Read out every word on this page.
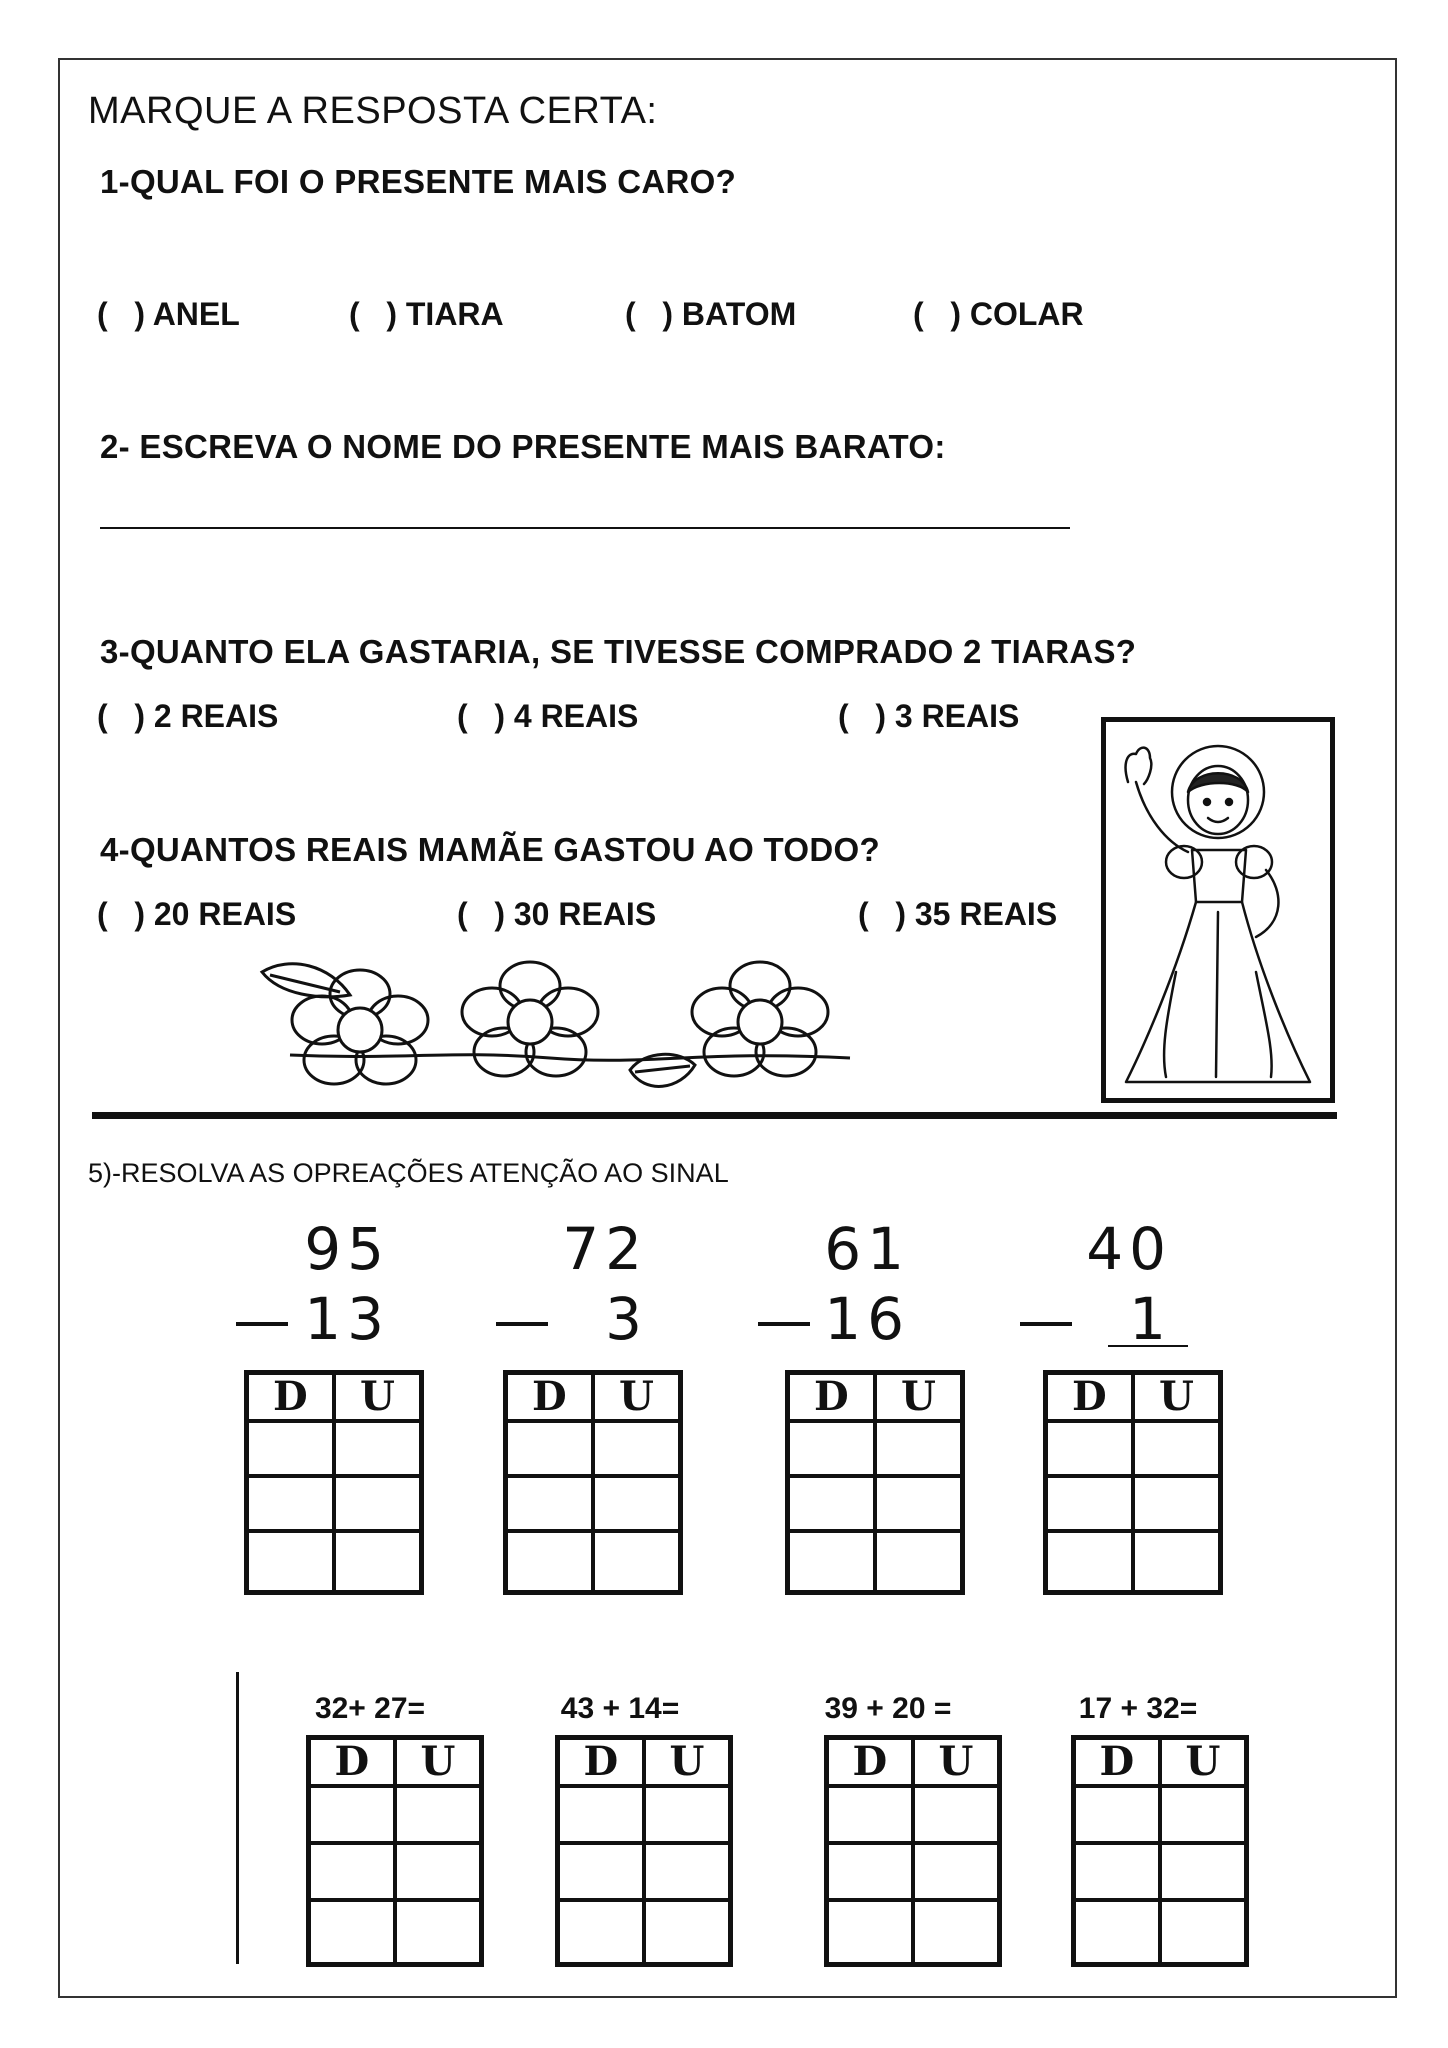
MARQUE A RESPOSTA CERTA:
1-QUAL FOI O PRESENTE MAIS CARO?
(   ) ANEL	(   ) TIARA	(   ) BATOM	(   ) COLAR
2- ESCREVA O NOME DO PRESENTE MAIS BARATO:
3-QUANTO ELA GASTARIA, SE TIVESSE COMPRADO 2 TIARAS?
(   ) 2 REAIS	(   ) 4 REAIS	(   ) 3 REAIS
4-QUANTOS REAIS MAMÃE GASTOU AO TODO?
(   ) 20 REAIS	(   ) 30 REAIS	(   ) 35 REAIS
5)-RESOLVA AS OPREAÇÕES ATENÇÃO AO SINAL
95
13
72
3
61
16
40
1
D	U

		D	U

		D	U

		D	U

32+ 27=	43 + 14=	39 + 20 =	17 + 32=
D	U

		D	U

		D	U

		D	U
